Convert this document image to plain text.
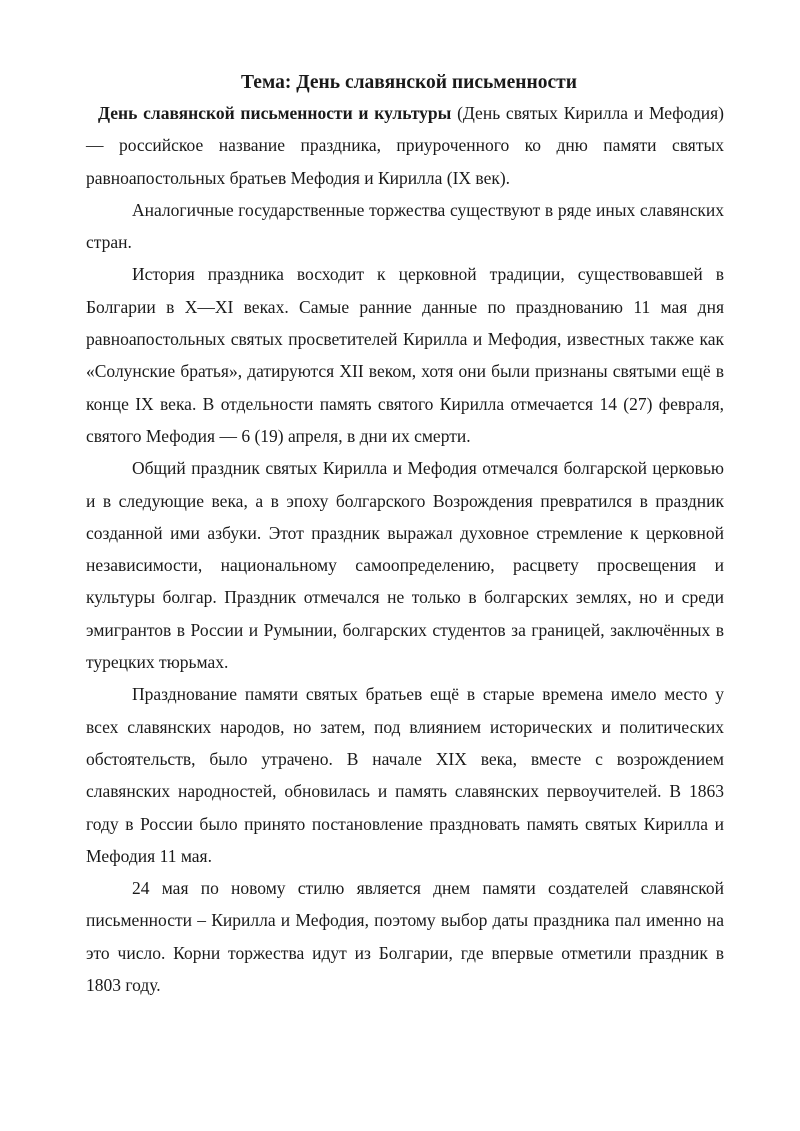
Тема: День славянской письменности

День славянской письменности и культуры (День святых Кирилла и Мефодия) — российское название праздника, приуроченного ко дню памяти святых равноапостольных братьев Мефодия и Кирилла (IX век).

Аналогичные государственные торжества существуют в ряде иных славянских стран.

История праздника восходит к церковной традиции, существовавшей в Болгарии в X—XI веках. Самые ранние данные по празднованию 11 мая дня равноапостольных святых просветителей Кирилла и Мефодия, известных также как «Солунские братья», датируются XII веком, хотя они были признаны святыми ещё в конце IX века. В отдельности память святого Кирилла отмечается 14 (27) февраля, святого Мефодия — 6 (19) апреля, в дни их смерти.

Общий праздник святых Кирилла и Мефодия отмечался болгарской церковью и в следующие века, а в эпоху болгарского Возрождения превратился в праздник созданной ими азбуки. Этот праздник выражал духовное стремление к церковной независимости, национальному самоопределению, расцвету просвещения и культуры болгар. Праздник отмечался не только в болгарских землях, но и среди эмигрантов в России и Румынии, болгарских студентов за границей, заключённых в турецких тюрьмах.

Празднование памяти святых братьев ещё в старые времена имело место у всех славянских народов, но затем, под влиянием исторических и политических обстоятельств, было утрачено. В начале XIX века, вместе с возрождением славянских народностей, обновилась и память славянских первоучителей. В 1863 году в России было принято постановление праздновать память святых Кирилла и Мефодия 11 мая.

24 мая по новому стилю является днем памяти создателей славянской письменности – Кирилла и Мефодия, поэтому выбор даты праздника пал именно на это число. Корни торжества идут из Болгарии, где впервые отметили праздник в 1803 году.
